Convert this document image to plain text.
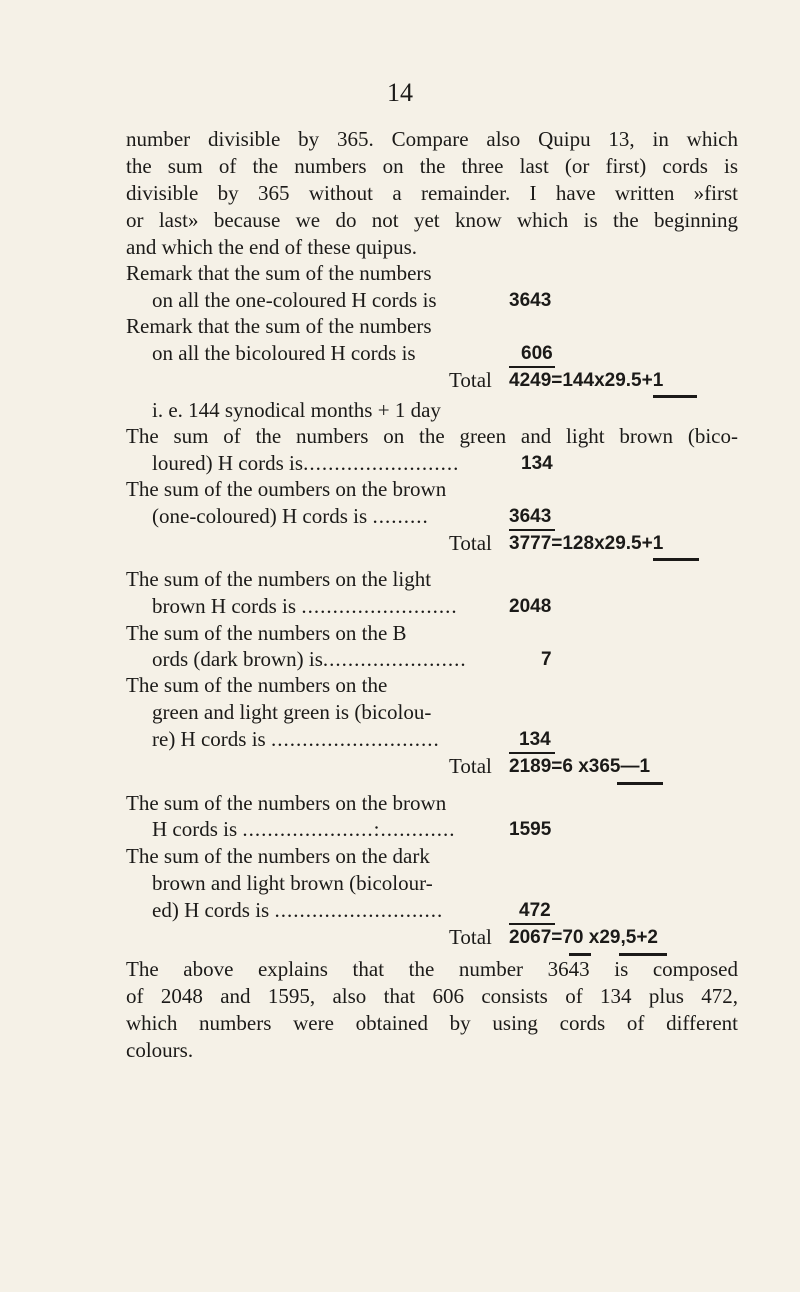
14
number divisible by 365. Compare also Quipu 13, in which
the sum of the numbers on the three last (or first) cords is
divisible by 365 without a remainder. I have written »first
or last» because we do not yet know which is the beginning
and which the end of these quipus.
Remark that the sum of the numbers
on all the one-coloured H cords is	3643
Remark that the sum of the numbers
on all the bicoloured H cords is	606
Total 4249=144x29.5+1
i. e. 144 synodical months + 1 day
The sum of the numbers on the green and light brown (bico-
loured) H cords is.........................	134
The sum of the oumbers on the brown
(one-coloured) H cords is .........	3643
Total 3777=128x29.5+1
The sum of the numbers on the light
brown H cords is .........................	2048
The sum of the numbers on the B
ords (dark brown) is.......................	7
The sum of the numbers on the
green and light green is (bicolou-
re) H cords is ...........................	134
Total 2189=6 x365—1
The sum of the numbers on the brown
H cords is .....................:............	1595
The sum of the numbers on the dark
brown and light brown (bicolour-
ed) H cords is ...........................	472
Total 2067=70 x29,5+2
The above explains that the number 3643 is composed
of 2048 and 1595, also that 606 consists of 134 plus 472,
which numbers were obtained by using cords of different
colours.
